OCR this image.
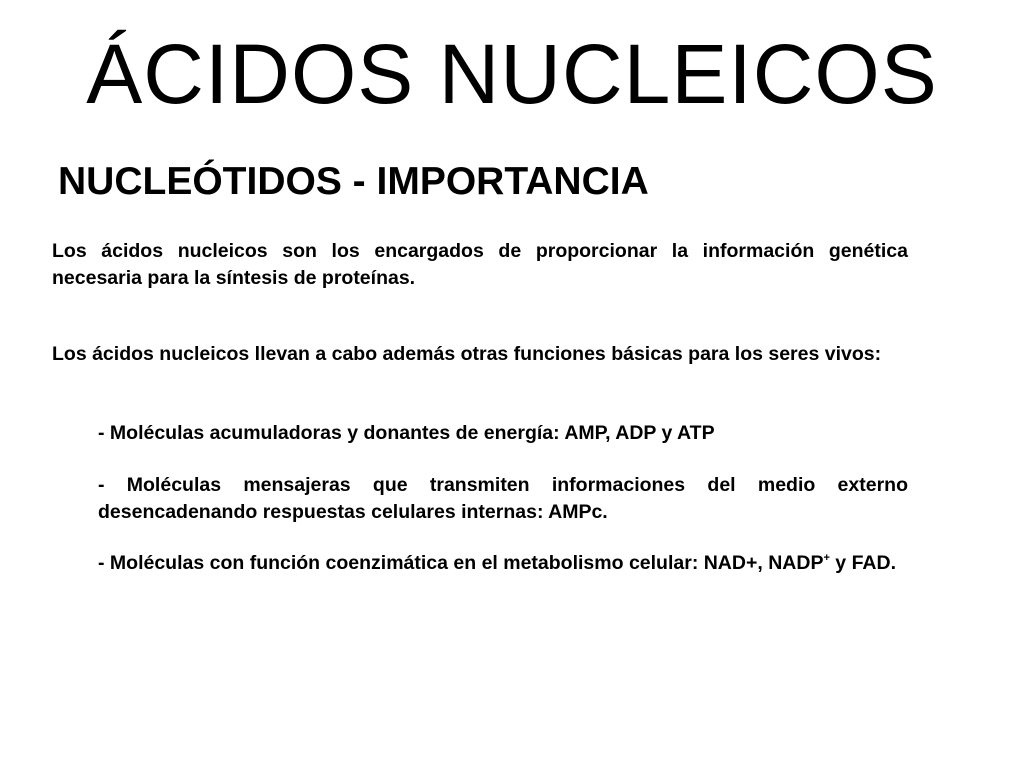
ÁCIDOS NUCLEICOS
NUCLEÓTIDOS - IMPORTANCIA

Los ácidos nucleicos son los encargados de proporcionar la información genética necesaria para la síntesis de proteínas.

Los ácidos nucleicos llevan a cabo además otras funciones básicas para los seres vivos:

- Moléculas acumuladoras y donantes de energía: AMP, ADP y ATP

- Moléculas mensajeras que transmiten informaciones del medio externo desencadenando respuestas celulares internas: AMPc.

- Moléculas con función coenzimática en el metabolismo celular: NAD+, NADP+ y FAD.
